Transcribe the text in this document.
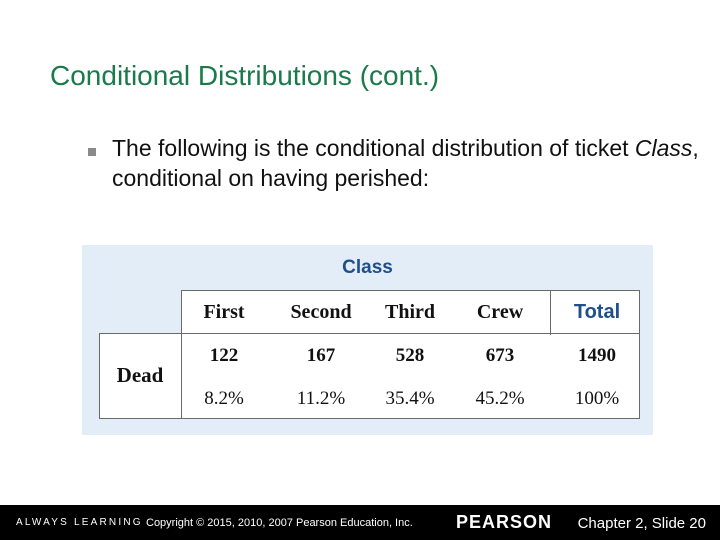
Conditional Distributions (cont.)
The following is the conditional distribution of ticket Class, conditional on having perished:
Class
First	Second	Third	Crew	Total
Dead
122	167	528	673	1490
8.2%	11.2%	35.4%	45.2%	100%
ALWAYS LEARNING Copyright © 2015, 2010, 2007 Pearson Education, Inc. PEARSON Chapter 2, Slide 20
